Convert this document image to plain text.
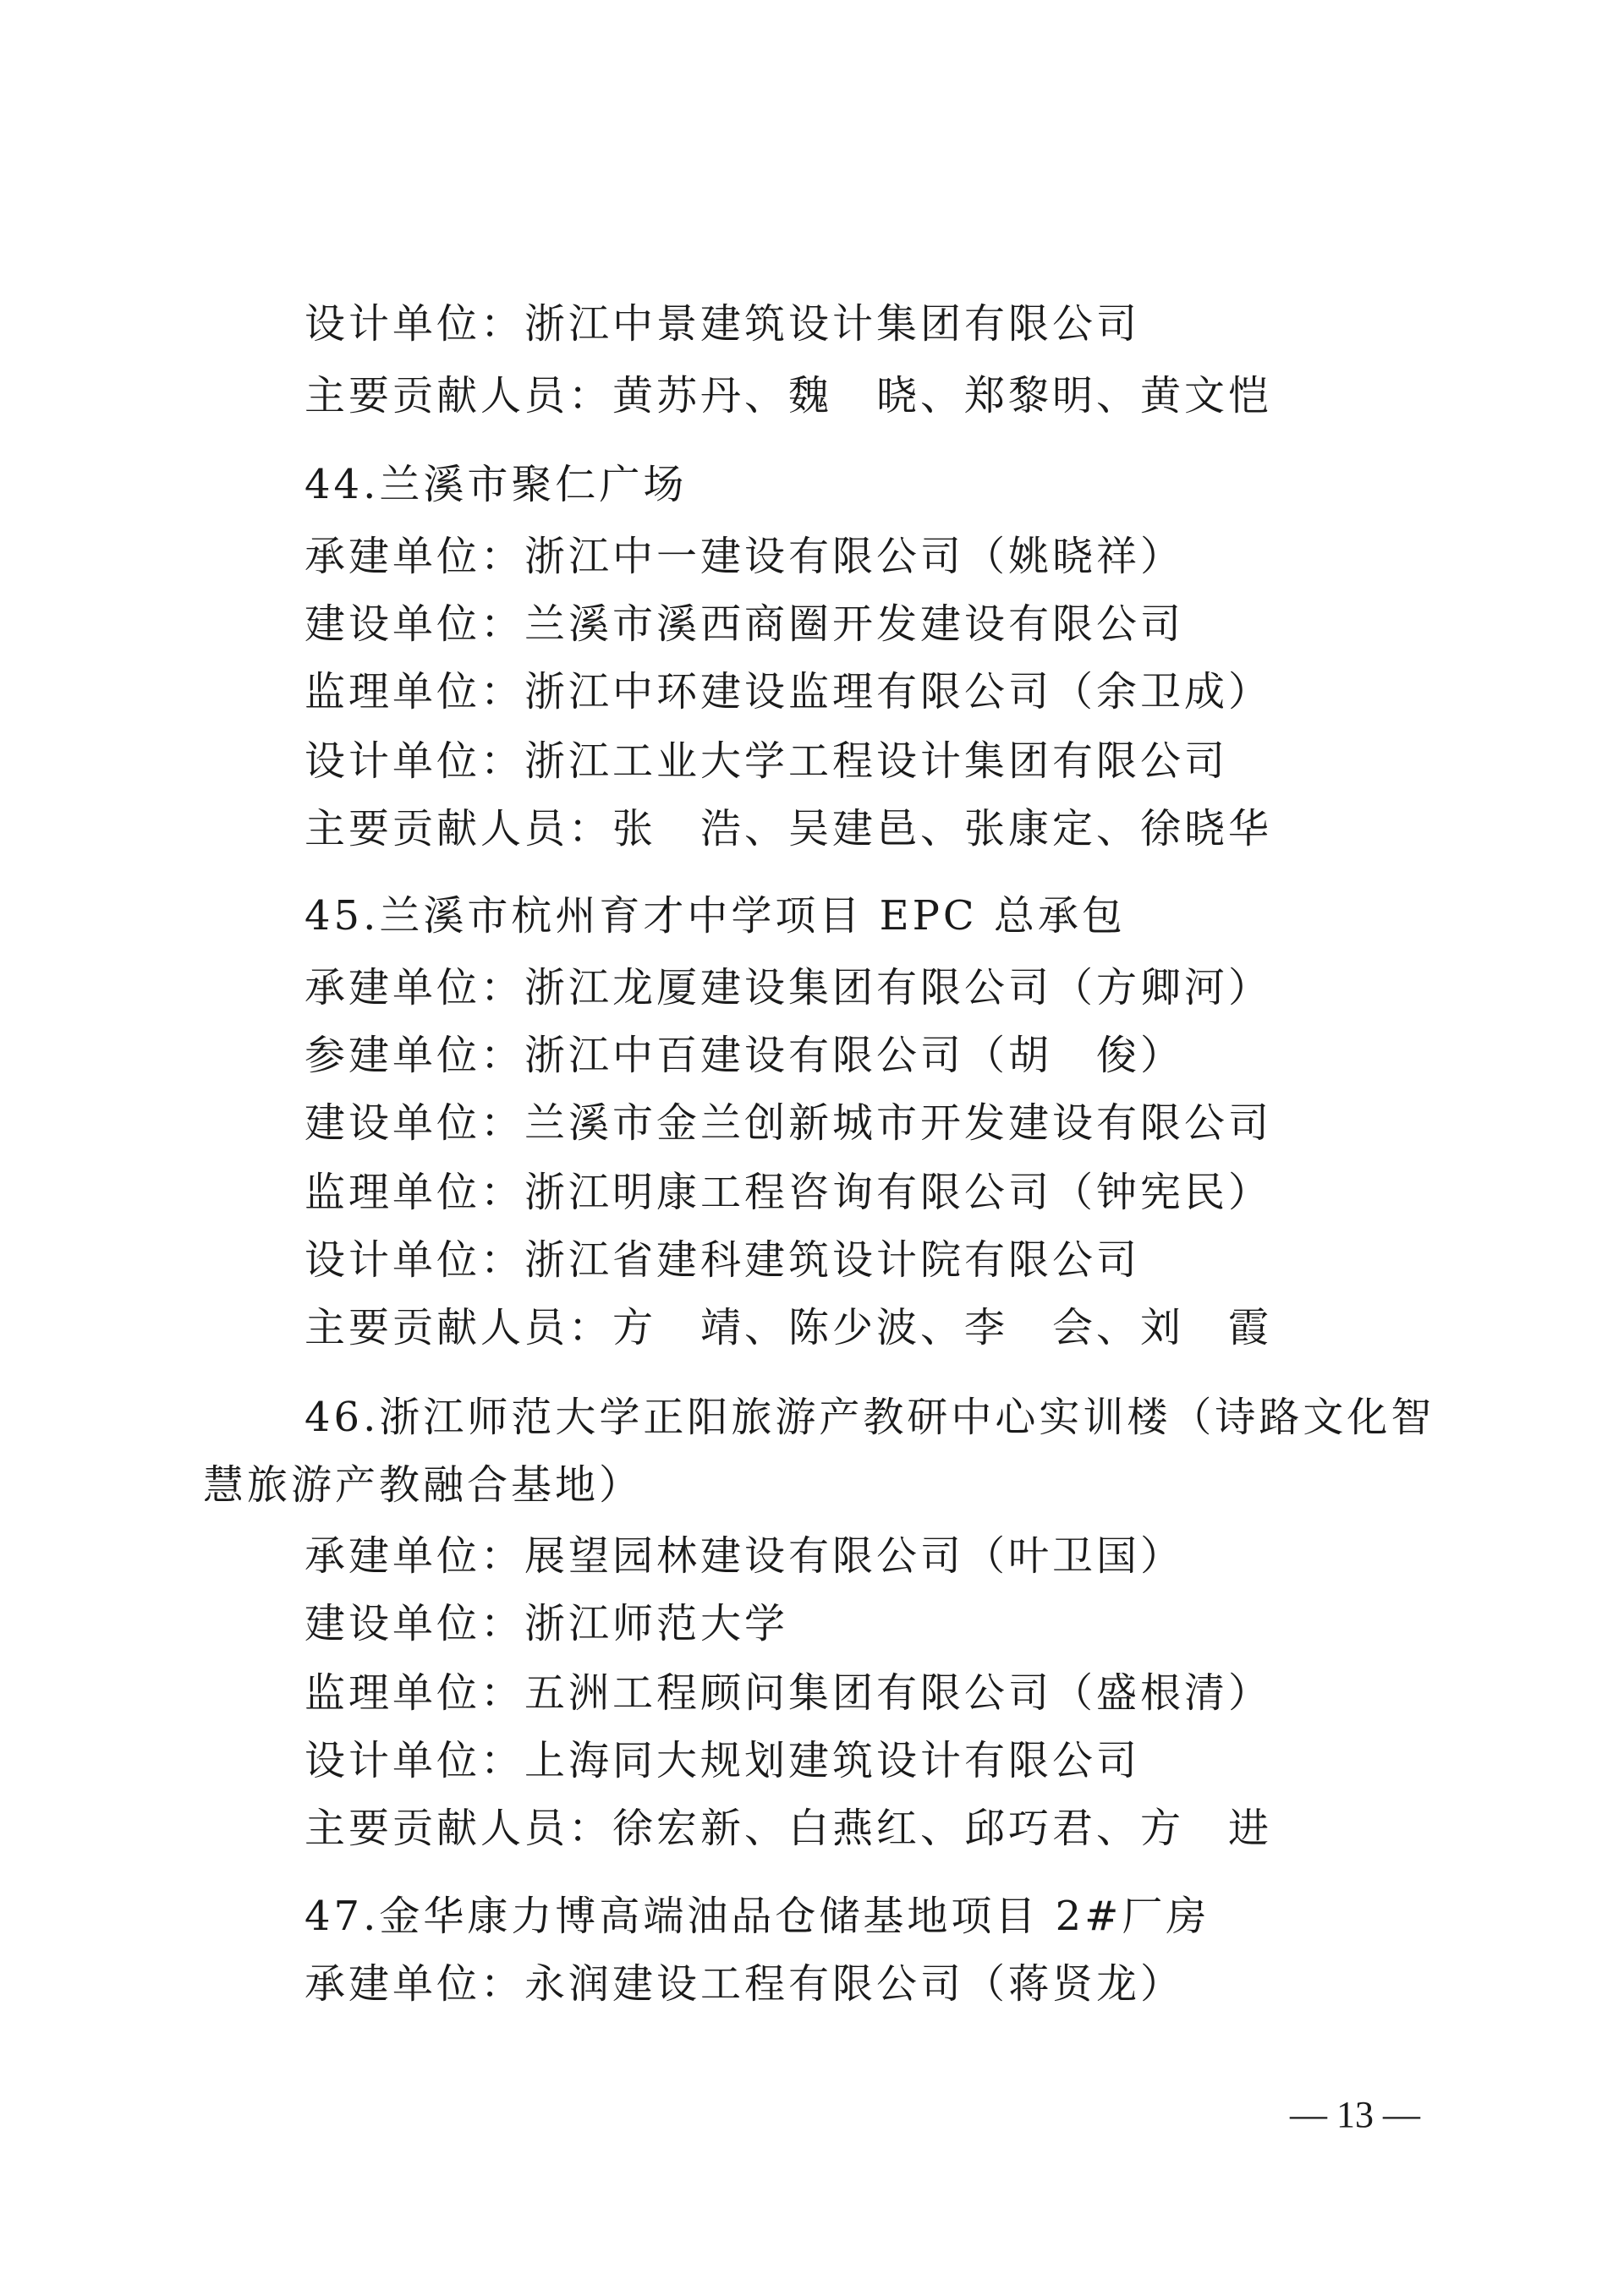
设计单位：浙江中景建筑设计集团有限公司
主要贡献人员：黄苏丹、魏　晓、郑黎明、黄文恺
44.兰溪市聚仁广场
承建单位：浙江中一建设有限公司（姚晓祥）
建设单位：兰溪市溪西商圈开发建设有限公司
监理单位：浙江中环建设监理有限公司（余卫成）
设计单位：浙江工业大学工程设计集团有限公司
主要贡献人员：张　浩、吴建邑、张康定、徐晓华
45.兰溪市杭州育才中学项目 EPC 总承包
承建单位：浙江龙厦建设集团有限公司（方卿河）
参建单位：浙江中百建设有限公司（胡　俊）
建设单位：兰溪市金兰创新城市开发建设有限公司
监理单位：浙江明康工程咨询有限公司（钟宪民）
设计单位：浙江省建科建筑设计院有限公司
主要贡献人员：方　靖、陈少波、李　会、刘　霞
46.浙江师范大学正阳旅游产教研中心实训楼（诗路文化智
慧旅游产教融合基地）
承建单位：展望园林建设有限公司（叶卫国）
建设单位：浙江师范大学
监理单位：五洲工程顾问集团有限公司（盛根清）
设计单位：上海同大规划建筑设计有限公司
主要贡献人员：徐宏新、白燕红、邱巧君、方　进
47.金华康力博高端油品仓储基地项目 2#厂房
承建单位：永润建设工程有限公司（蒋贤龙）
— 13 —
